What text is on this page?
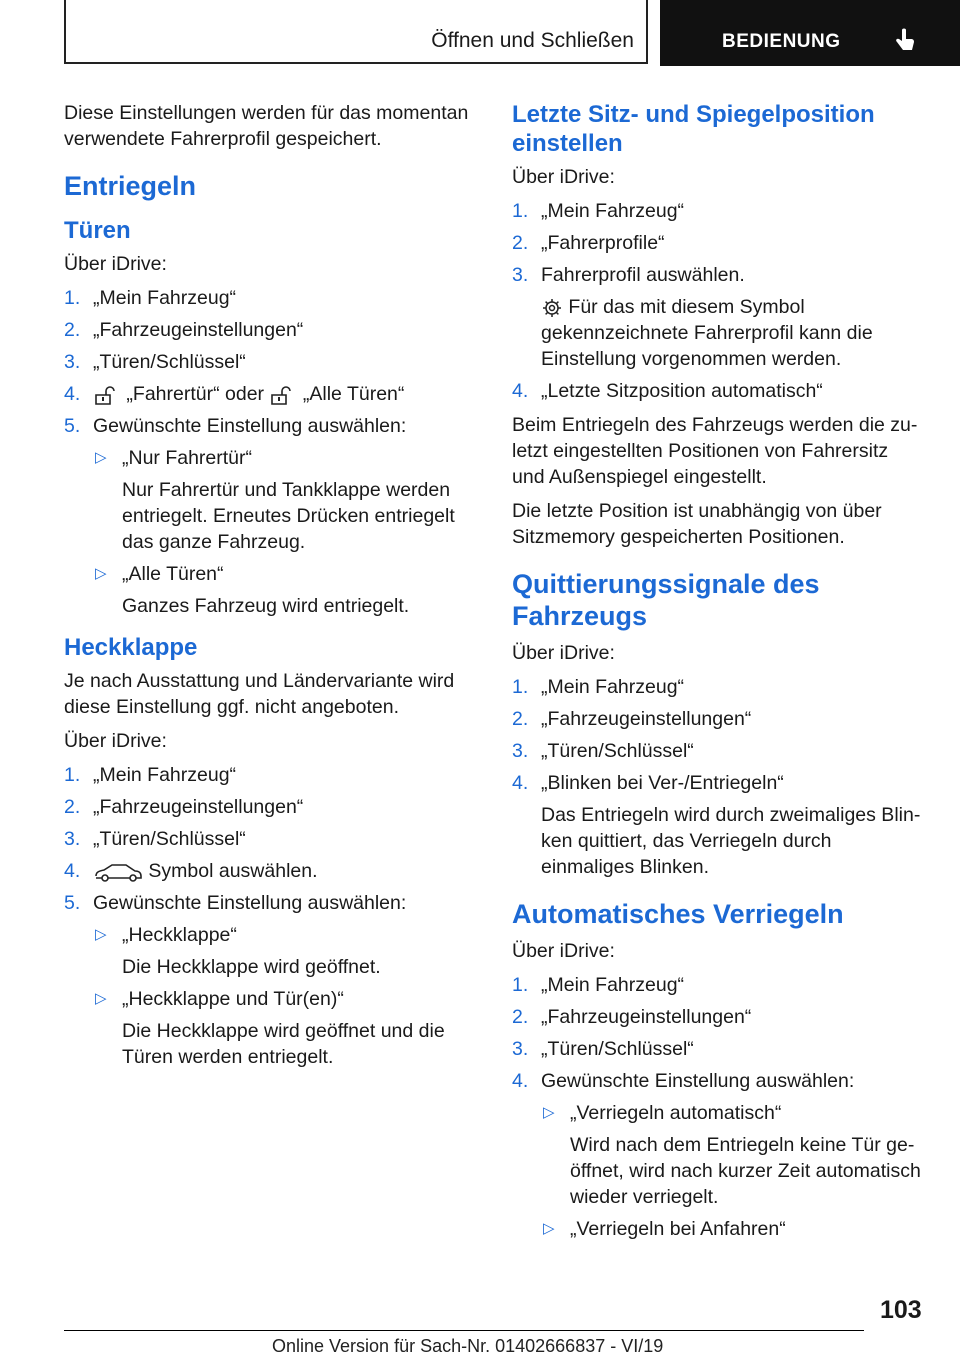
Öffnen und Schließen	BEDIENUNG

Diese Einstellungen werden für das momentan verwendete Fahrerprofil gespeichert.

Entriegeln
Türen

Über iDrive:

1. „Mein Fahrzeug“
2. „Fahrzeugeinstellungen“
3. „Türen/Schlüssel“
4. „Fahrertür“ oder „Alle Türen“
5. Gewünschte Einstellung auswählen:
▷ „Nur Fahrertür“
Nur Fahrertür und Tankklappe werden entriegelt. Erneutes Drücken entriegelt das ganze Fahrzeug.
▷ „Alle Türen“
Ganzes Fahrzeug wird entriegelt.
Heckklappe

Je nach Ausstattung und Ländervariante wird diese Einstellung ggf. nicht angeboten.

Über iDrive:

1. „Mein Fahrzeug“
2. „Fahrzeugeinstellungen“
3. „Türen/Schlüssel“
4.	Symbol auswählen.
5. Gewünschte Einstellung auswählen:
▷ „Heckklappe“
Die Heckklappe wird geöffnet.
▷ „Heckklappe und Tür(en)“
Die Heckklappe wird geöffnet und die Türen werden entriegelt.
Letzte Sitz- und Spiegelposition einstellen

Über iDrive:

1. „Mein Fahrzeug“
2. „Fahrerprofile“
3. Fahrerprofil auswählen.
Für das mit diesem Symbol gekennzeichnete Fahrerprofil kann die Einstellung vorgenommen werden.
4. „Letzte Sitzposition automatisch“

Beim Entriegeln des Fahrzeugs werden die zuletzt eingestellten Positionen von Fahrersitz und Außenspiegel eingestellt.

Die letzte Position ist unabhängig von über Sitzmemory gespeicherten Positionen.

Quittierungssignale des Fahrzeugs

Über iDrive:

1. „Mein Fahrzeug“
2. „Fahrzeugeinstellungen“
3. „Türen/Schlüssel“
4. „Blinken bei Ver-/Entriegeln“
Das Entriegeln wird durch zweimaliges Blinken quittiert, das Verriegeln durch einmaliges Blinken.
Automatisches Verriegeln

Über iDrive:

1. „Mein Fahrzeug“
2. „Fahrzeugeinstellungen“
3. „Türen/Schlüssel“
4. Gewünschte Einstellung auswählen:
▷ „Verriegeln automatisch“
Wird nach dem Entriegeln keine Tür geöffnet, wird nach kurzer Zeit automatisch wieder verriegelt.
▷ „Verriegeln bei Anfahren“
103
Online Version für Sach-Nr. 01402666837 - VI/19
